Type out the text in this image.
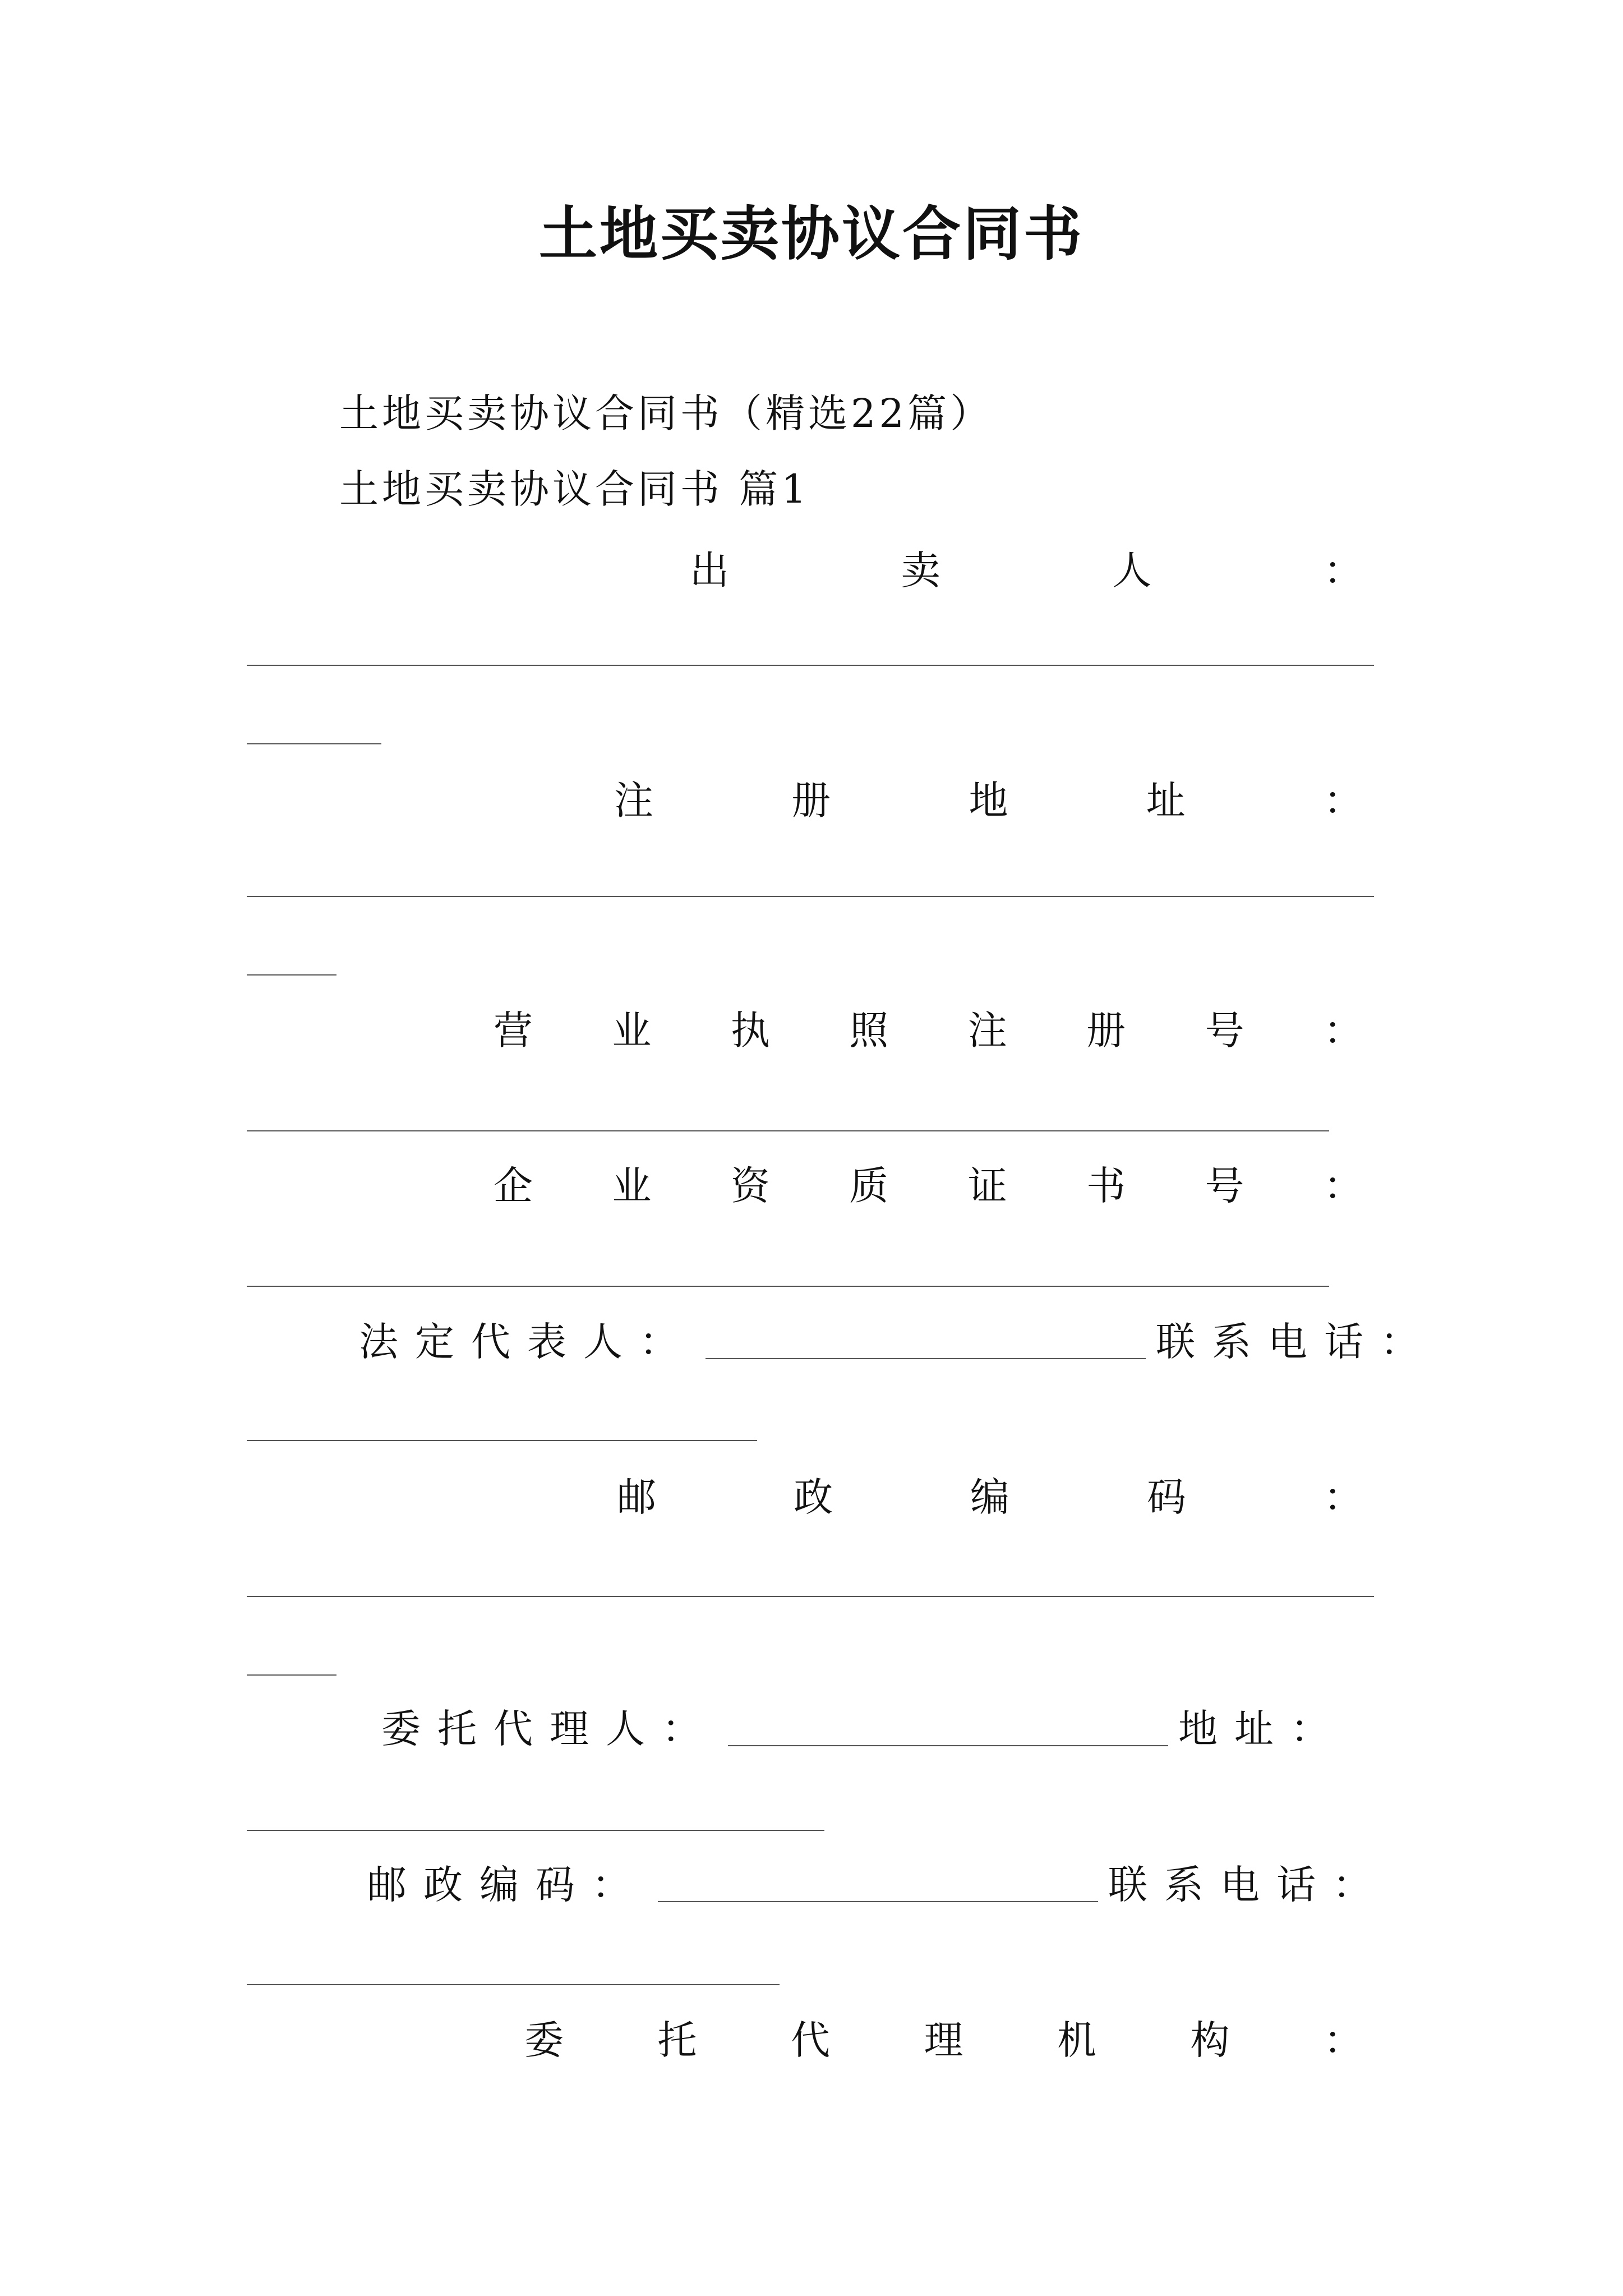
土地买卖协议合同书
土地买卖协议合同书（精选22篇）
土地买卖协议合同书 篇1
出	卖	人	：
注	册	地	址	：
营 业 执 照 注 册 号 ：
企 业 资 质 证 书 号 ：
法定代表人：	联系电话：
邮	政	编	码	：
委托代理人：	地址：
邮政编码：	联系电话：
委 托 代 理 机 构 ：
